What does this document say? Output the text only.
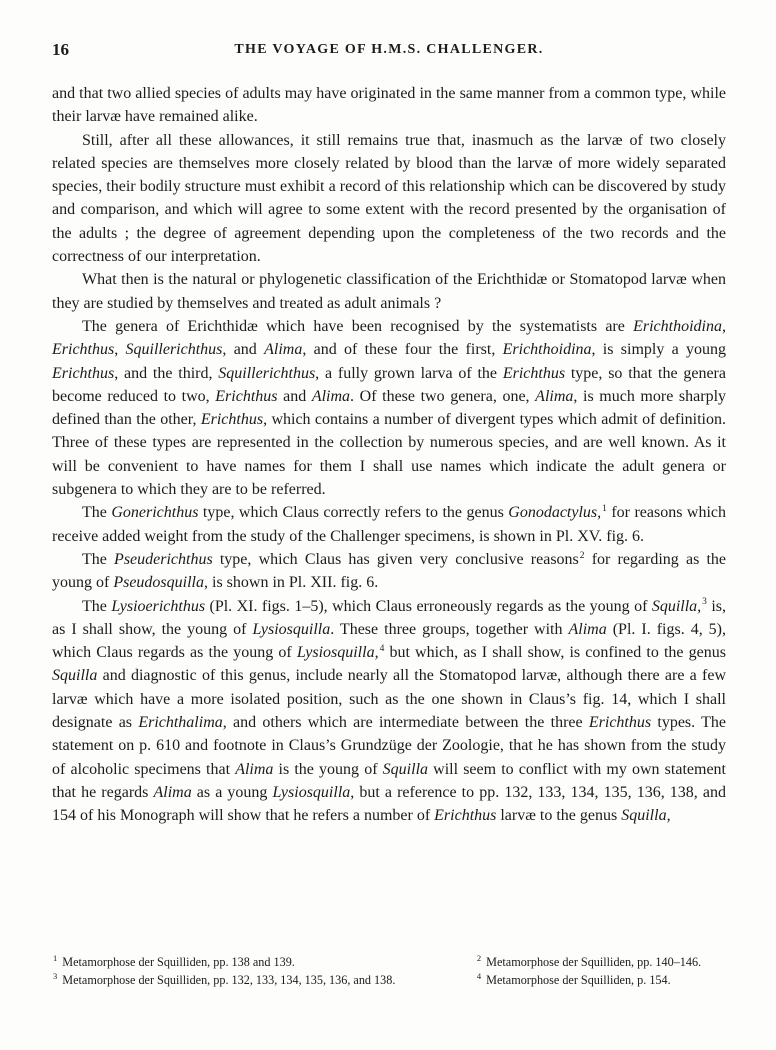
16	THE VOYAGE OF H.M.S. CHALLENGER.

and that two allied species of adults may have originated in the same manner from a common type, while their larvæ have remained alike.

Still, after all these allowances, it still remains true that, inasmuch as the larvæ of two closely related species are themselves more closely related by blood than the larvæ of more widely separated species, their bodily structure must exhibit a record of this relationship which can be discovered by study and comparison, and which will agree to some extent with the record presented by the organisation of the adults ; the degree of agreement depending upon the completeness of the two records and the correctness of our interpretation.

What then is the natural or phylogenetic classification of the Erichthidæ or Stomatopod larvæ when they are studied by themselves and treated as adult animals ?

The genera of Erichthidæ which have been recognised by the systematists are Erichthoidina, Erichthus, Squillerichthus, and Alima, and of these four the first, Erichthoidina, is simply a young Erichthus, and the third, Squillerichthus, a fully grown larva of the Erichthus type, so that the genera become reduced to two, Erichthus and Alima. Of these two genera, one, Alima, is much more sharply defined than the other, Erichthus, which contains a number of divergent types which admit of definition. Three of these types are represented in the collection by numerous species, and are well known. As it will be convenient to have names for them I shall use names which indicate the adult genera or subgenera to which they are to be referred.

The Gonerichthus type, which Claus correctly refers to the genus Gonodactylus,$^1$ for reasons which receive added weight from the study of the Challenger specimens, is shown in Pl. XV. fig. 6.

The Pseuderichthus type, which Claus has given very conclusive reasons$^2$ for regarding as the young of Pseudosquilla, is shown in Pl. XII. fig. 6.

The Lysioerichthus (Pl. XI. figs. 1–5), which Claus erroneously regards as the young of Squilla,$^3$ is, as I shall show, the young of Lysiosquilla. These three groups, together with Alima (Pl. I. figs. 4, 5), which Claus regards as the young of Lysiosquilla,$^4$ but which, as I shall show, is confined to the genus Squilla and diagnostic of this genus, include nearly all the Stomatopod larvæ, although there are a few larvæ which have a more isolated position, such as the one shown in Claus’s fig. 14, which I shall designate as Erichthalima, and others which are intermediate between the three Erichthus types. The statement on p. 610 and footnote in Claus’s Grundzüge der Zoologie, that he has shown from the study of alcoholic specimens that Alima is the young of Squilla will seem to conflict with my own statement that he regards Alima as a young Lysiosquilla, but a reference to pp. 132, 133, 134, 135, 136, 138, and 154 of his Monograph will show that he refers a number of Erichthus larvæ to the genus Squilla,

$^1$ Metamorphose der Squilliden, pp. 138 and 139.	$^2$ Metamorphose der Squilliden, pp. 140–146.
$^3$ Metamorphose der Squilliden, pp. 132, 133, 134, 135, 136, and 138.	$^4$ Metamorphose der Squilliden, p. 154.
